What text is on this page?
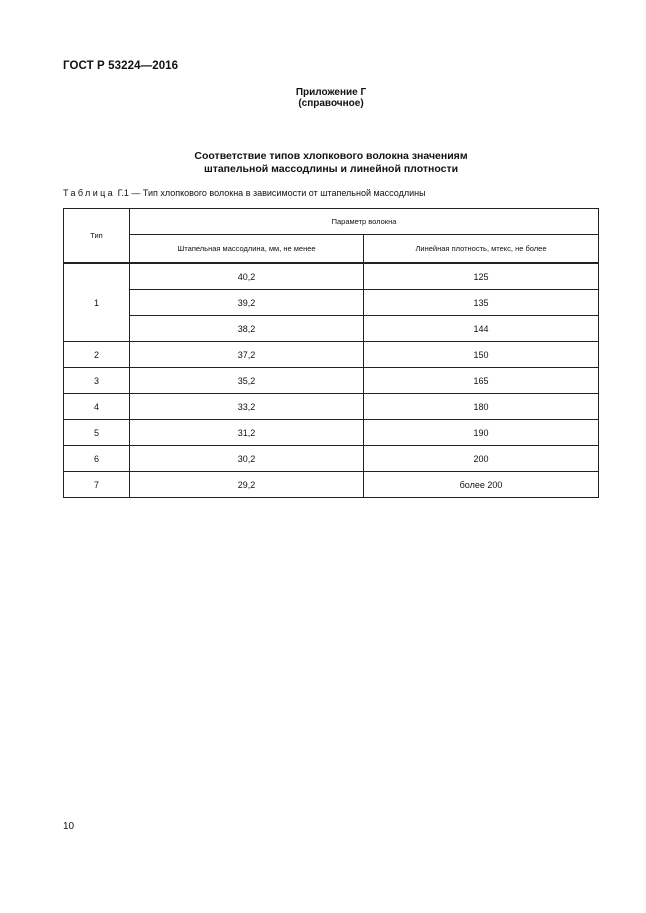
ГОСТ Р 53224—2016
Приложение Г
(справочное)
Соответствие типов хлопкового волокна значениям
штапельной массодлины и линейной плотности
Таблица Г.1 — Тип хлопкового волокна в зависимости от штапельной массодлины
Тип	Параметр волокна	
	Штапельная массодлина, мм, не менее	Линейная плотность, мтекс, не более
1	40,2	125
	39,2	135
	38,2	144
2	37,2	150
3	35,2	165
4	33,2	180
5	31,2	190
6	30,2	200
7	29,2	более 200
10
